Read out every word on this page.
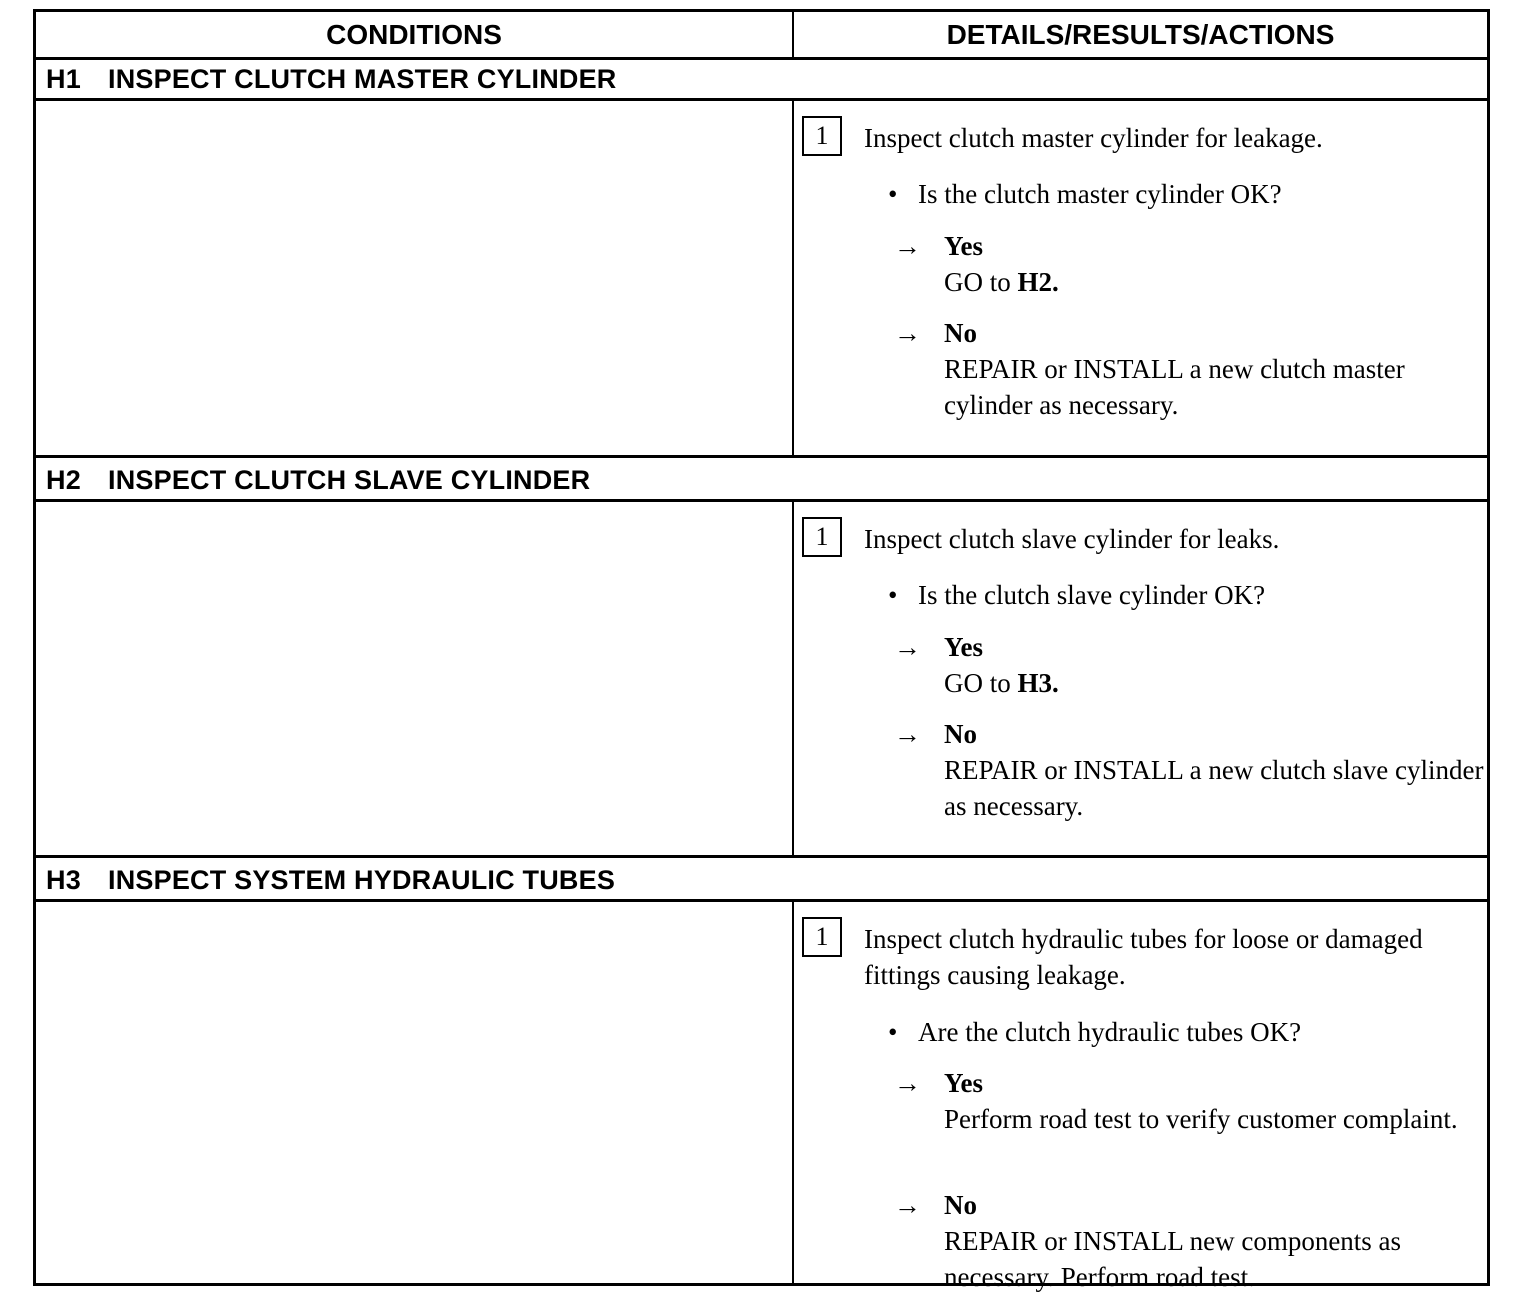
CONDITIONS	DETAILS/RESULTS/ACTIONS
H1 INSPECT CLUTCH MASTER CYLINDER
1	Inspect clutch master cylinder for leakage.
• Is the clutch master cylinder OK?
→ Yes
GO to H2.
→ No
REPAIR or INSTALL a new clutch master cylinder as necessary.
H2 INSPECT CLUTCH SLAVE CYLINDER
1	Inspect clutch slave cylinder for leaks.
• Is the clutch slave cylinder OK?
→ Yes
GO to H3.
→ No
REPAIR or INSTALL a new clutch slave cylinder as necessary.
H3 INSPECT SYSTEM HYDRAULIC TUBES
1	Inspect clutch hydraulic tubes for loose or damaged fittings causing leakage.
• Are the clutch hydraulic tubes OK?
→ Yes
Perform road test to verify customer complaint.
→ No
REPAIR or INSTALL new components as necessary. Perform road test.
